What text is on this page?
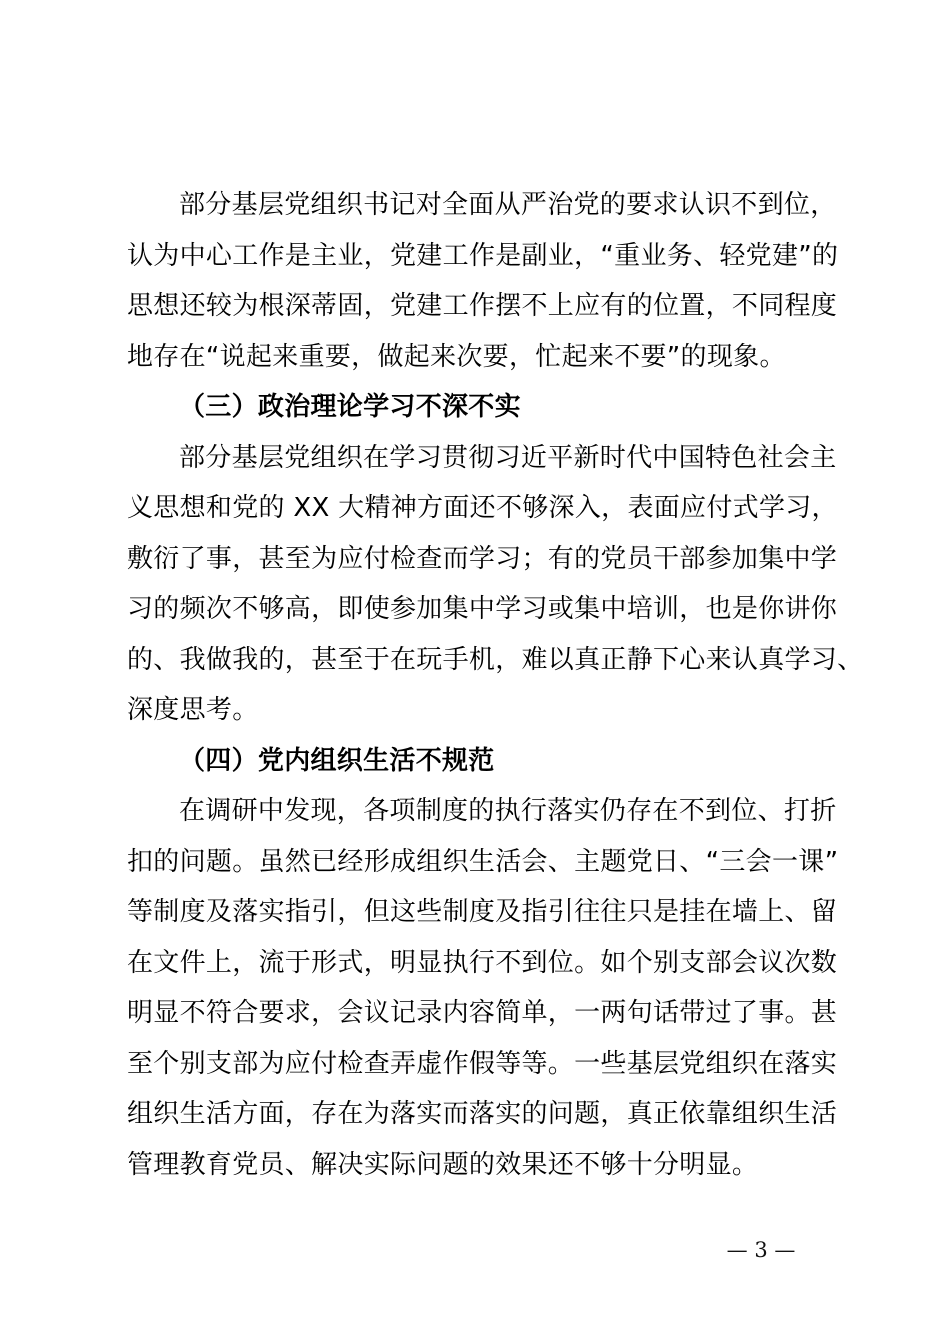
部分基层党组织书记对全面从严治党的要求认识不到位，
认为中心工作是主业，党建工作是副业，“重业务、轻党建”的
思想还较为根深蒂固，党建工作摆不上应有的位置，不同程度
地存在“说起来重要，做起来次要，忙起来不要”的现象。
（三）政治理论学习不深不实
部分基层党组织在学习贯彻习近平新时代中国特色社会主
义思想和党的 XX 大精神方面还不够深入，表面应付式学习，
敷衍了事，甚至为应付检查而学习；有的党员干部参加集中学
习的频次不够高，即使参加集中学习或集中培训，也是你讲你
的、我做我的，甚至于在玩手机，难以真正静下心来认真学习、
深度思考。
（四）党内组织生活不规范
在调研中发现，各项制度的执行落实仍存在不到位、打折
扣的问题。虽然已经形成组织生活会、主题党日、“三会一课”
等制度及落实指引，但这些制度及指引往往只是挂在墙上、留
在文件上，流于形式，明显执行不到位。如个别支部会议次数
明显不符合要求，会议记录内容简单，一两句话带过了事。甚
至个别支部为应付检查弄虚作假等等。一些基层党组织在落实
组织生活方面，存在为落实而落实的问题，真正依靠组织生活
管理教育党员、解决实际问题的效果还不够十分明显。
— 3 —
